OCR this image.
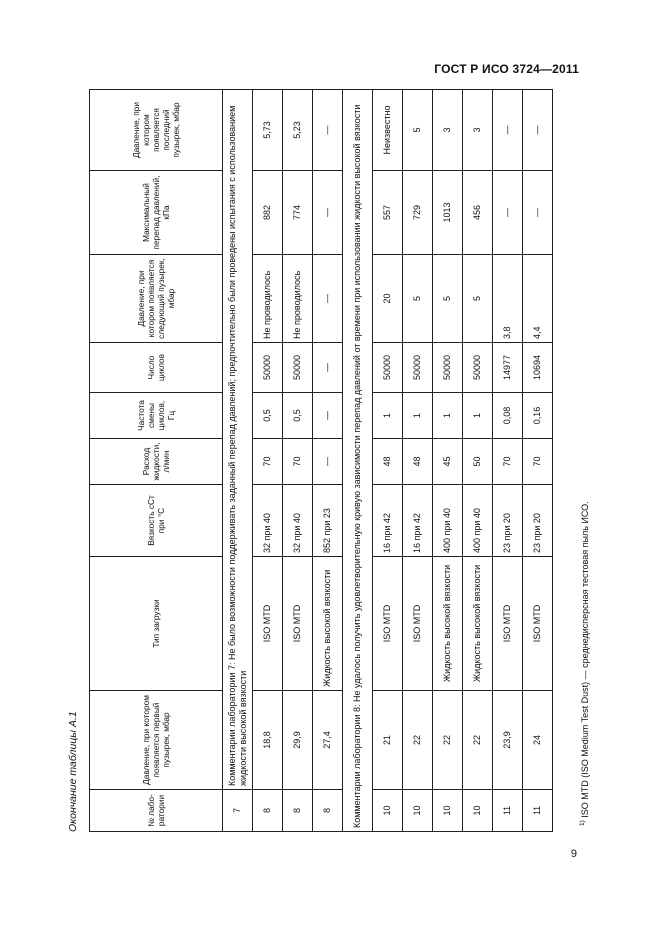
ГОСТ Р ИСО 3724—2011
Окончание таблицы А.1	№ лабо-ратории	Давление, при котором появляется первый пузырек, мбар	Тип загрузки	Вязкость сСт при °С	Расход жидкости, л/мин	Частота смены циклов, Гц	Число циклов	Давление, при котором появляется следующий пузырек, мбар	Максимальный перепад давлений, кПа	Давление, при котором появляется последний пузырек, мбар
7	Комментарии лаборатории 7: Не было возможности поддерживать заданный перепад давлений; предпочтительно были проведены испытания с использованием жидкости высокой вязкости								
8	18,8	ISO MTD	32 при 40	70	0,5	50000	Не проводилось	882	5,73
8	29,9	ISO MTD	32 при 40	70	0,5	50000	Не проводилось	774	5,23
8	27,4	Жидкость высокой вязкости	852 при 23	—	—	—	—	—	—
Комментарии лаборатории 8: Не удалось получить удовлетворительную кривую зависимости перепад давлений от времени при использовании жидкости высокой вязкости									
10	21	ISO MTD	16 при 42	48	1	50000	20	557	Неизвестно
10	22	ISO MTD	16 при 42	48	1	50000	5	729	5
10	22	Жидкость высокой вязкости	400 при 40	45	1	50000	5	1013	3
10	22	Жидкость высокой вязкости	400 при 40	50	1	50000	5	456	3
11	23,9	ISO MTD	23 при 20	70	0,08	14977	3,8	—	—
11	24	ISO MTD	23 при 20	70	0,16	10694	4,4	—	—
$^{1)}$ ISO MTD (ISO Medium Test Dust) — среднедисперсная тестовая пыль ИСО.
9
